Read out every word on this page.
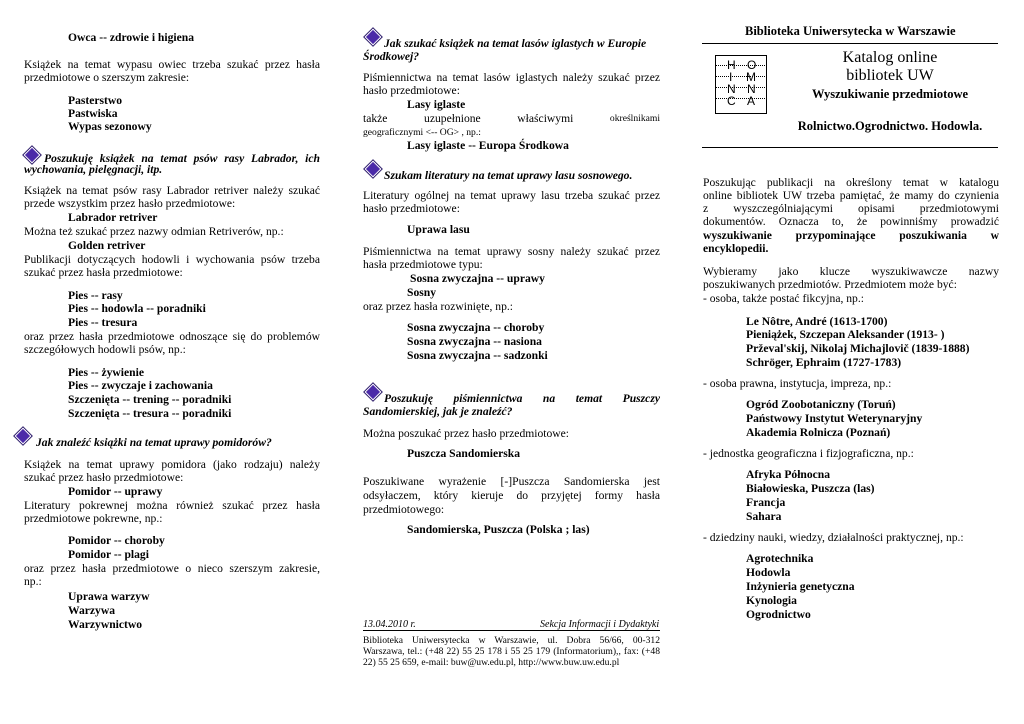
Owca -- zdrowie i higiena

Książek na temat wypasu owiec trzeba szukać przez hasła

przedmiotowe o szerszym zakresie:

Pasterstwo

Pastwiska

Wypas sezonowy

Poszukuję książek na temat psów rasy Labrador, ich

wychowania, pielęgnacji, itp.

Książek na temat psów rasy Labrador retriver należy szukać

przede wszystkim przez hasło przedmiotowe:

Labrador retriver

Można też szukać przez nazwy odmian Retriverów, np.:

Golden retriver

Publikacji dotyczących hodowli i wychowania psów trzeba

szukać przez hasła przedmiotowe:

Pies -- rasy

Pies -- hodowla -- poradniki

Pies -- tresura

oraz przez hasła przedmiotowe odnoszące się do problemów

szczegółowych hodowli psów, np.:

Pies -- żywienie

Pies -- zwyczaje i zachowania

Szczenięta -- trening -- poradniki

Szczenięta -- tresura -- poradniki

Jak znaleźć książki na temat uprawy pomidorów?

Książek na temat uprawy pomidora (jako rodzaju) należy

szukać przez hasło przedmiotowe:

Pomidor -- uprawy

Literatury pokrewnej można również szukać przez hasła

przedmiotowe pokrewne, np.:

Pomidor -- choroby

Pomidor -- plagi

oraz przez hasła przedmiotowe o nieco szerszym zakresie,

np.:

Uprawa warzyw

Warzywa

Warzywnictwo

Jak szukać książek na temat lasów iglastych w Europie

Środkowej?

Piśmiennictwa na temat lasów iglastych należy szukać przez

hasło przedmiotowe:

Lasy iglaste

także	uzupełnione	właściwymi	określnikami

geograficznymi <-- OG> , np.:

Lasy iglaste -- Europa Środkowa

Szukam literatury na temat uprawy lasu sosnowego.

Literatury ogólnej na temat uprawy lasu trzeba szukać przez

hasło przedmiotowe:

Uprawa lasu

Piśmiennictwa na temat uprawy sosny należy szukać przez

hasła przedmiotowe typu:

Sosna zwyczajna -- uprawy

Sosny

oraz przez hasła rozwinięte, np.:

Sosna zwyczajna -- choroby

Sosna zwyczajna -- nasiona

Sosna zwyczajna -- sadzonki

Poszukuję piśmiennictwa na temat Puszczy

Sandomierskiej, jak je znaleźć?

Można poszukać przez hasło przedmiotowe:

Puszcza Sandomierska

Poszukiwane wyrażenie [-]Puszcza Sandomierska jest

odsyłaczem, który kieruje do przyjętej formy hasła

przedmiotowego:

Sandomierska, Puszcza (Polska ; las)

13.04.2010 r.	Sekcja Informacji i Dydaktyki

Biblioteka Uniwersytecka w Warszawie, ul. Dobra 56/66, 00-312

Warszawa, tel.: (+48 22) 55 25 178 i 55 25 179 (Informatorium),, fax: (+48

22) 55 25 659, e-mail: buw@uw.edu.pl, http://www.buw.uw.edu.pl

Biblioteka Uniwersytecka w Warszawie

H O
I M
N N
C A

Katalog online

bibliotek UW

Wyszukiwanie przedmiotowe

Rolnictwo.Ogrodnictwo. Hodowla.

Poszukując publikacji na określony temat w katalogu

online bibliotek UW trzeba pamiętać, że mamy do czynienia

z wyszczególniającymi opisami przedmiotowymi

dokumentów. Oznacza to, że powinniśmy prowadzić

wyszukiwanie przypominające poszukiwania w

encyklopedii.

Wybieramy jako klucze wyszukiwawcze nazwy

poszukiwanych przedmiotów. Przedmiotem może być:

- osoba, także postać fikcyjna, np.:

Le Nôtre, André (1613-1700)

Pieniążek, Szczepan Aleksander (1913- )

Prževal'skij, Nikolaj Michajlovič (1839-1888)

Schröger, Ephraim (1727-1783)

- osoba prawna, instytucja, impreza, np.:

Ogród Zoobotaniczny (Toruń)

Państwowy Instytut Weterynaryjny

Akademia Rolnicza (Poznań)

- jednostka geograficzna i fizjograficzna, np.:

Afryka Północna

Białowieska, Puszcza (las)

Francja

Sahara

- dziedziny nauki, wiedzy, działalności praktycznej, np.:

Agrotechnika

Hodowla

Inżynieria genetyczna

Kynologia

Ogrodnictwo
